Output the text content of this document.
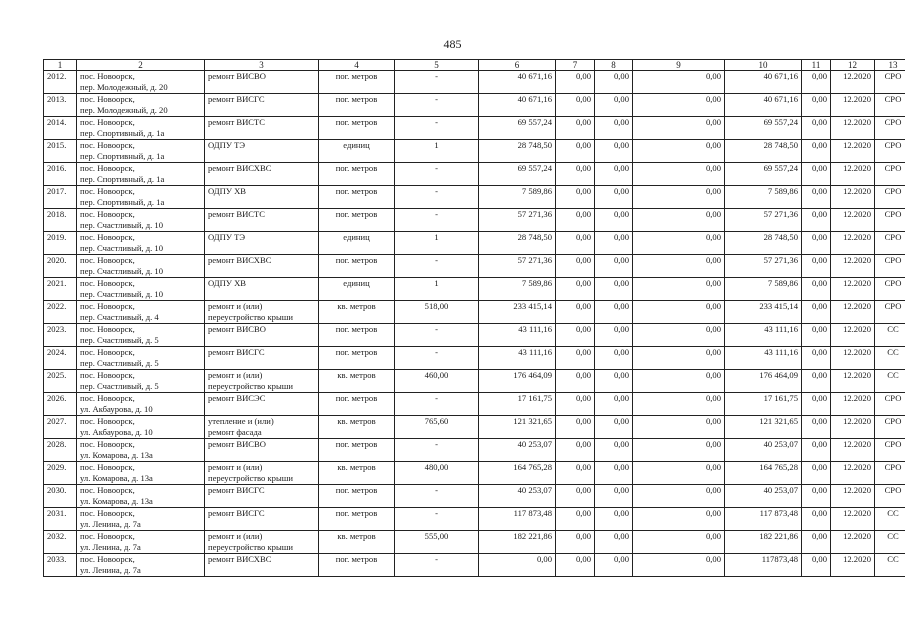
485
1	2	3	4	5	6	7	8	9	10	11	12	13
2012.	пос. Новоорск,
пер. Молодежный, д. 20	ремонт ВИСВО	пог. метров	-	40 671,16	0,00	0,00	0,00	40 671,16	0,00	12.2020	СРО
2013.	пос. Новоорск,
пер. Молодежный, д. 20	ремонт ВИСГС	пог. метров	-	40 671,16	0,00	0,00	0,00	40 671,16	0,00	12.2020	СРО
2014.	пос. Новоорск,
пер. Спортивный, д. 1а	ремонт ВИСТС	пог. метров	-	69 557,24	0,00	0,00	0,00	69 557,24	0,00	12.2020	СРО
2015.	пос. Новоорск,
пер. Спортивный, д. 1а	ОДПУ ТЭ	единиц	1	28 748,50	0,00	0,00	0,00	28 748,50	0,00	12.2020	СРО
2016.	пос. Новоорск,
пер. Спортивный, д. 1а	ремонт ВИСХВС	пог. метров	-	69 557,24	0,00	0,00	0,00	69 557,24	0,00	12.2020	СРО
2017.	пос. Новоорск,
пер. Спортивный, д. 1а	ОДПУ ХВ	пог. метров	-	7 589,86	0,00	0,00	0,00	7 589,86	0,00	12.2020	СРО
2018.	пос. Новоорск,
пер. Счастливый, д. 10	ремонт ВИСТС	пог. метров	-	57 271,36	0,00	0,00	0,00	57 271,36	0,00	12.2020	СРО
2019.	пос. Новоорск,
пер. Счастливый, д. 10	ОДПУ ТЭ	единиц	1	28 748,50	0,00	0,00	0,00	28 748,50	0,00	12.2020	СРО
2020.	пос. Новоорск,
пер. Счастливый, д. 10	ремонт ВИСХВС	пог. метров	-	57 271,36	0,00	0,00	0,00	57 271,36	0,00	12.2020	СРО
2021.	пос. Новоорск,
пер. Счастливый, д. 10	ОДПУ ХВ	единиц	1	7 589,86	0,00	0,00	0,00	7 589,86	0,00	12.2020	СРО
2022.	пос. Новоорск,
пер. Счастливый, д. 4	ремонт и (или)
переустройство крыши	кв. метров	518,00	233 415,14	0,00	0,00	0,00	233 415,14	0,00	12.2020	СРО
2023.	пос. Новоорск,
пер. Счастливый, д. 5	ремонт ВИСВО	пог. метров	-	43 111,16	0,00	0,00	0,00	43 111,16	0,00	12.2020	СС
2024.	пос. Новоорск,
пер. Счастливый, д. 5	ремонт ВИСГС	пог. метров	-	43 111,16	0,00	0,00	0,00	43 111,16	0,00	12.2020	СС
2025.	пос. Новоорск,
пер. Счастливый, д. 5	ремонт и (или)
переустройство крыши	кв. метров	460,00	176 464,09	0,00	0,00	0,00	176 464,09	0,00	12.2020	СС
2026.	пос. Новоорск,
ул. Акбаурова, д. 10	ремонт ВИСЭС	пог. метров	-	17 161,75	0,00	0,00	0,00	17 161,75	0,00	12.2020	СРО
2027.	пос. Новоорск,
ул. Акбаурова, д. 10	утепление и (или)
ремонт фасада	кв. метров	765,60	121 321,65	0,00	0,00	0,00	121 321,65	0,00	12.2020	СРО
2028.	пос. Новоорск,
ул. Комарова, д. 13а	ремонт ВИСВО	пог. метров	-	40 253,07	0,00	0,00	0,00	40 253,07	0,00	12.2020	СРО
2029.	пос. Новоорск,
ул. Комарова, д. 13а	ремонт и (или)
переустройство крыши	кв. метров	480,00	164 765,28	0,00	0,00	0,00	164 765,28	0,00	12.2020	СРО
2030.	пос. Новоорск,
ул. Комарова, д. 13а	ремонт ВИСГС	пог. метров	-	40 253,07	0,00	0,00	0,00	40 253,07	0,00	12.2020	СРО
2031.	пос. Новоорск,
ул. Ленина, д. 7а	ремонт ВИСГС	пог. метров	-	117 873,48	0,00	0,00	0,00	117 873,48	0,00	12.2020	СС
2032.	пос. Новоорск,
ул. Ленина, д. 7а	ремонт и (или)
переустройство крыши	кв. метров	555,00	182 221,86	0,00	0,00	0,00	182 221,86	0,00	12.2020	СС
2033.	пос. Новоорск,
ул. Ленина, д. 7а	ремонт ВИСХВС	пог. метров	-	0,00	0,00	0,00	0,00	117873,48	0,00	12.2020	СС
